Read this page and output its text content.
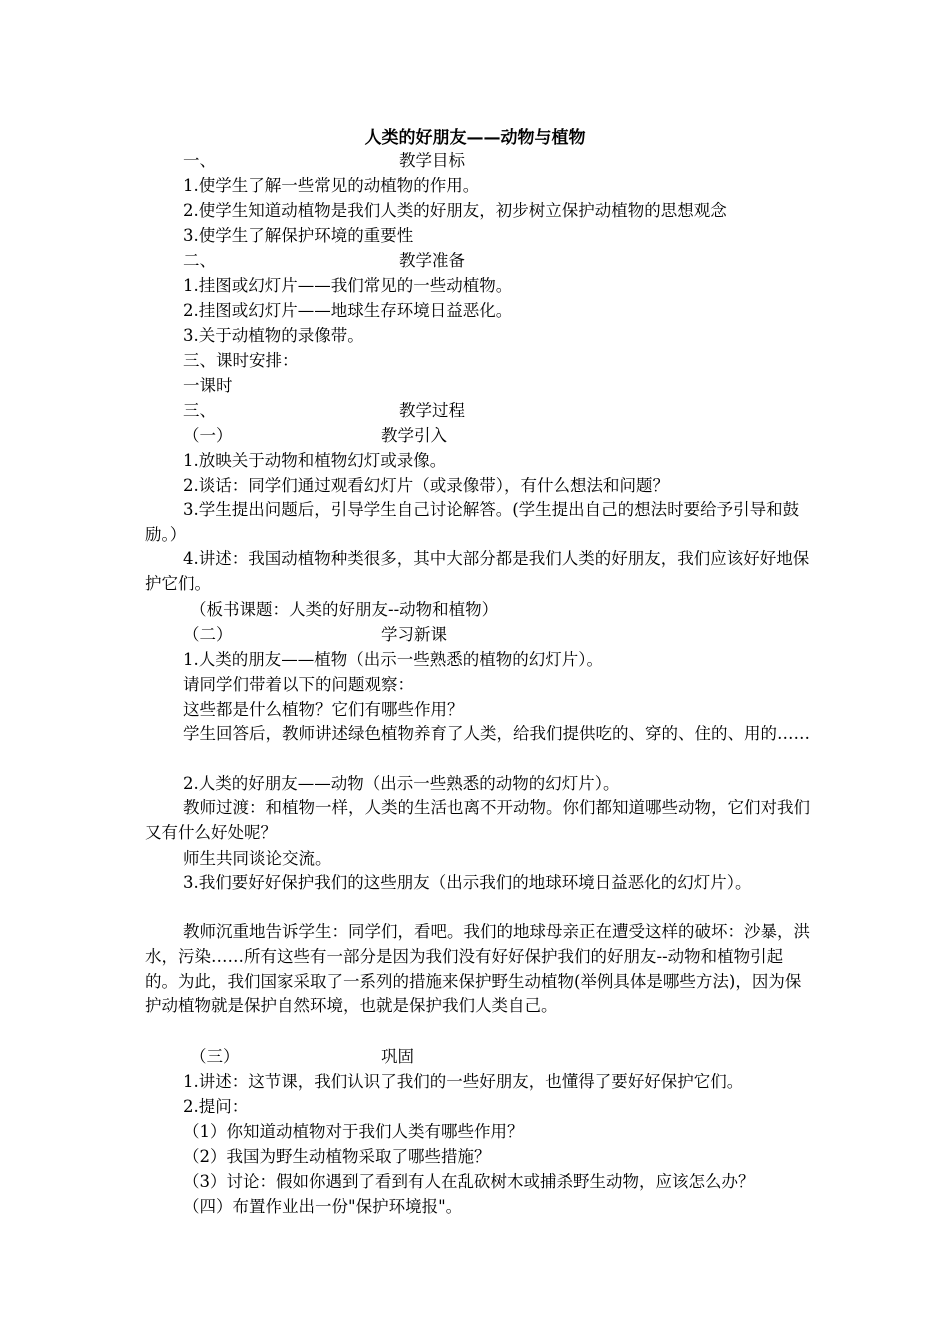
人类的好朋友——动物与植物
一、	教学目标
1.使学生了解一些常见的动植物的作用。
2.使学生知道动植物是我们人类的好朋友，初步树立保护动植物的思想观念
3.使学生了解保护环境的重要性
二、	教学准备
1.挂图或幻灯片——我们常见的一些动植物。
2.挂图或幻灯片——地球生存环境日益恶化。
3.关于动植物的录像带。
三、课时安排：
一课时
三、	教学过程
（一）	教学引入
1.放映关于动物和植物幻灯或录像。
2.谈话：同学们通过观看幻灯片（或录像带），有什么想法和问题？
3.学生提出问题后，引导学生自己讨论解答。(学生提出自己的想法时要给予引导和鼓励。）
4.讲述：我国动植物种类很多，其中大部分都是我们人类的好朋友，我们应该好好地保护它们。
（板书课题：人类的好朋友--动物和植物）
（二）	学习新课
1.人类的朋友——植物（出示一些熟悉的植物的幻灯片）。
请同学们带着以下的问题观察：
这些都是什么植物？它们有哪些作用？
学生回答后，教师讲述绿色植物养育了人类，给我们提供吃的、穿的、住的、用的……
2.人类的好朋友——动物（出示一些熟悉的动物的幻灯片）。
教师过渡：和植物一样，人类的生活也离不开动物。你们都知道哪些动物，它们对我们又有什么好处呢？
师生共同谈论交流。
3.我们要好好保护我们的这些朋友（出示我们的地球环境日益恶化的幻灯片）。
教师沉重地告诉学生：同学们，看吧。我们的地球母亲正在遭受这样的破坏：沙暴，洪水，污染……所有这些有一部分是因为我们没有好好保护我们的好朋友--动物和植物引起的。为此，我们国家采取了一系列的措施来保护野生动植物(举例具体是哪些方法)，因为保护动植物就是保护自然环境，也就是保护我们人类自己。
（三）	巩固
1.讲述：这节课，我们认识了我们的一些好朋友，也懂得了要好好保护它们。
2.提问：
（1）你知道动植物对于我们人类有哪些作用？
（2）我国为野生动植物采取了哪些措施？
（3）讨论：假如你遇到了看到有人在乱砍树木或捕杀野生动物，应该怎么办？
（四）布置作业出一份"保护环境报"。
